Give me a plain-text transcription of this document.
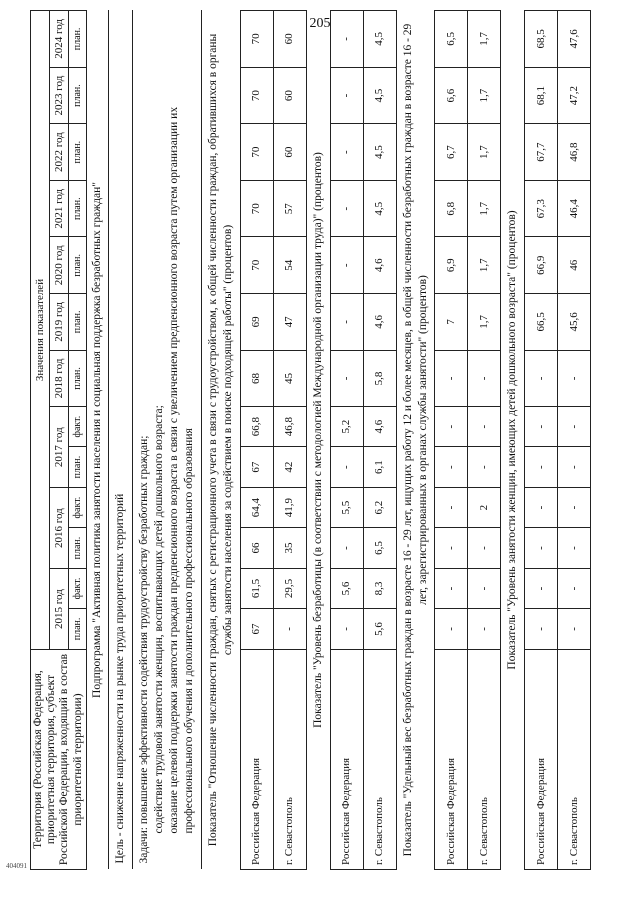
205
404091
Территория (Российская Федерация, приоритетная территория, субъект Российской Федерации, входящий в состав приоритетной территории)	Значения показателей												
	2015 год		2016 год		2017 год		2018 год	2019 год	2020 год	2021 год	2022 год	2023 год	2024 год
	план.	факт.	план.	факт.	план.	факт.	план.	план.	план.	план.	план.	план.	план.
Подпрограмма "Активная политика занятости населения и социальная поддержка безработных граждан"													
Цель - снижение напряженности на рынке труда приоритетных территорий													

Задачи: повышение эффективности содействия трудоустройству безработных граждан; содействие трудовой занятости женщин, воспитывающих детей дошкольного возраста; оказание целевой поддержки занятости граждан предпенсионного возраста в связи с увеличением предпенсионного возраста путем организации их профессионального обучения и дополнительного профессионального образования													

Показатель "Отношение численности граждан, снятых с регистрационного учета в связи с трудоустройством, к общей численности граждан, обратившихся в органы службы занятости населения за содействием в поиске подходящей работы" (процентов)													
Российская Федерация	67	61,5	66	64,4	67	66,8	68	69	70	70	70	70	70
г. Севастополь	-	29,5	35	41,9	42	46,8	45	47	54	57	60	60	60
Показатель "Уровень безработицы (в соответствии с методологией Международной организации труда)" (процентов)													
Российская Федерация	-	5,6	-	5,5	-	5,2	-	-	-	-	-	-	-
г. Севастополь	5,6	8,3	6,5	6,2	6,1	4,6	5,8	4,6	4,6	4,5	4,5	4,5	4,5
Показатель "Удельный вес безработных граждан в возрасте 16 - 29 лет, ищущих работу 12 и более месяцев, в общей численности безработных граждан в возрасте 16 - 29 лет, зарегистрированных в органах службы занятости" (процентов)													
Российская Федерация	-	-	-	-	-	-	-	7	6,9	6,8	6,7	6,6	6,5
г. Севастополь	-	-	-	2	-	-	-	1,7	1,7	1,7	1,7	1,7	1,7
Показатель "Уровень занятости женщин, имеющих детей дошкольного возраста" (процентов)													
Российская Федерация	-	-	-	-	-	-	-	66,5	66,9	67,3	67,7	68,1	68,5
г. Севастополь	-	-	-	-	-	-	-	45,6	46	46,4	46,8	47,2	47,6
